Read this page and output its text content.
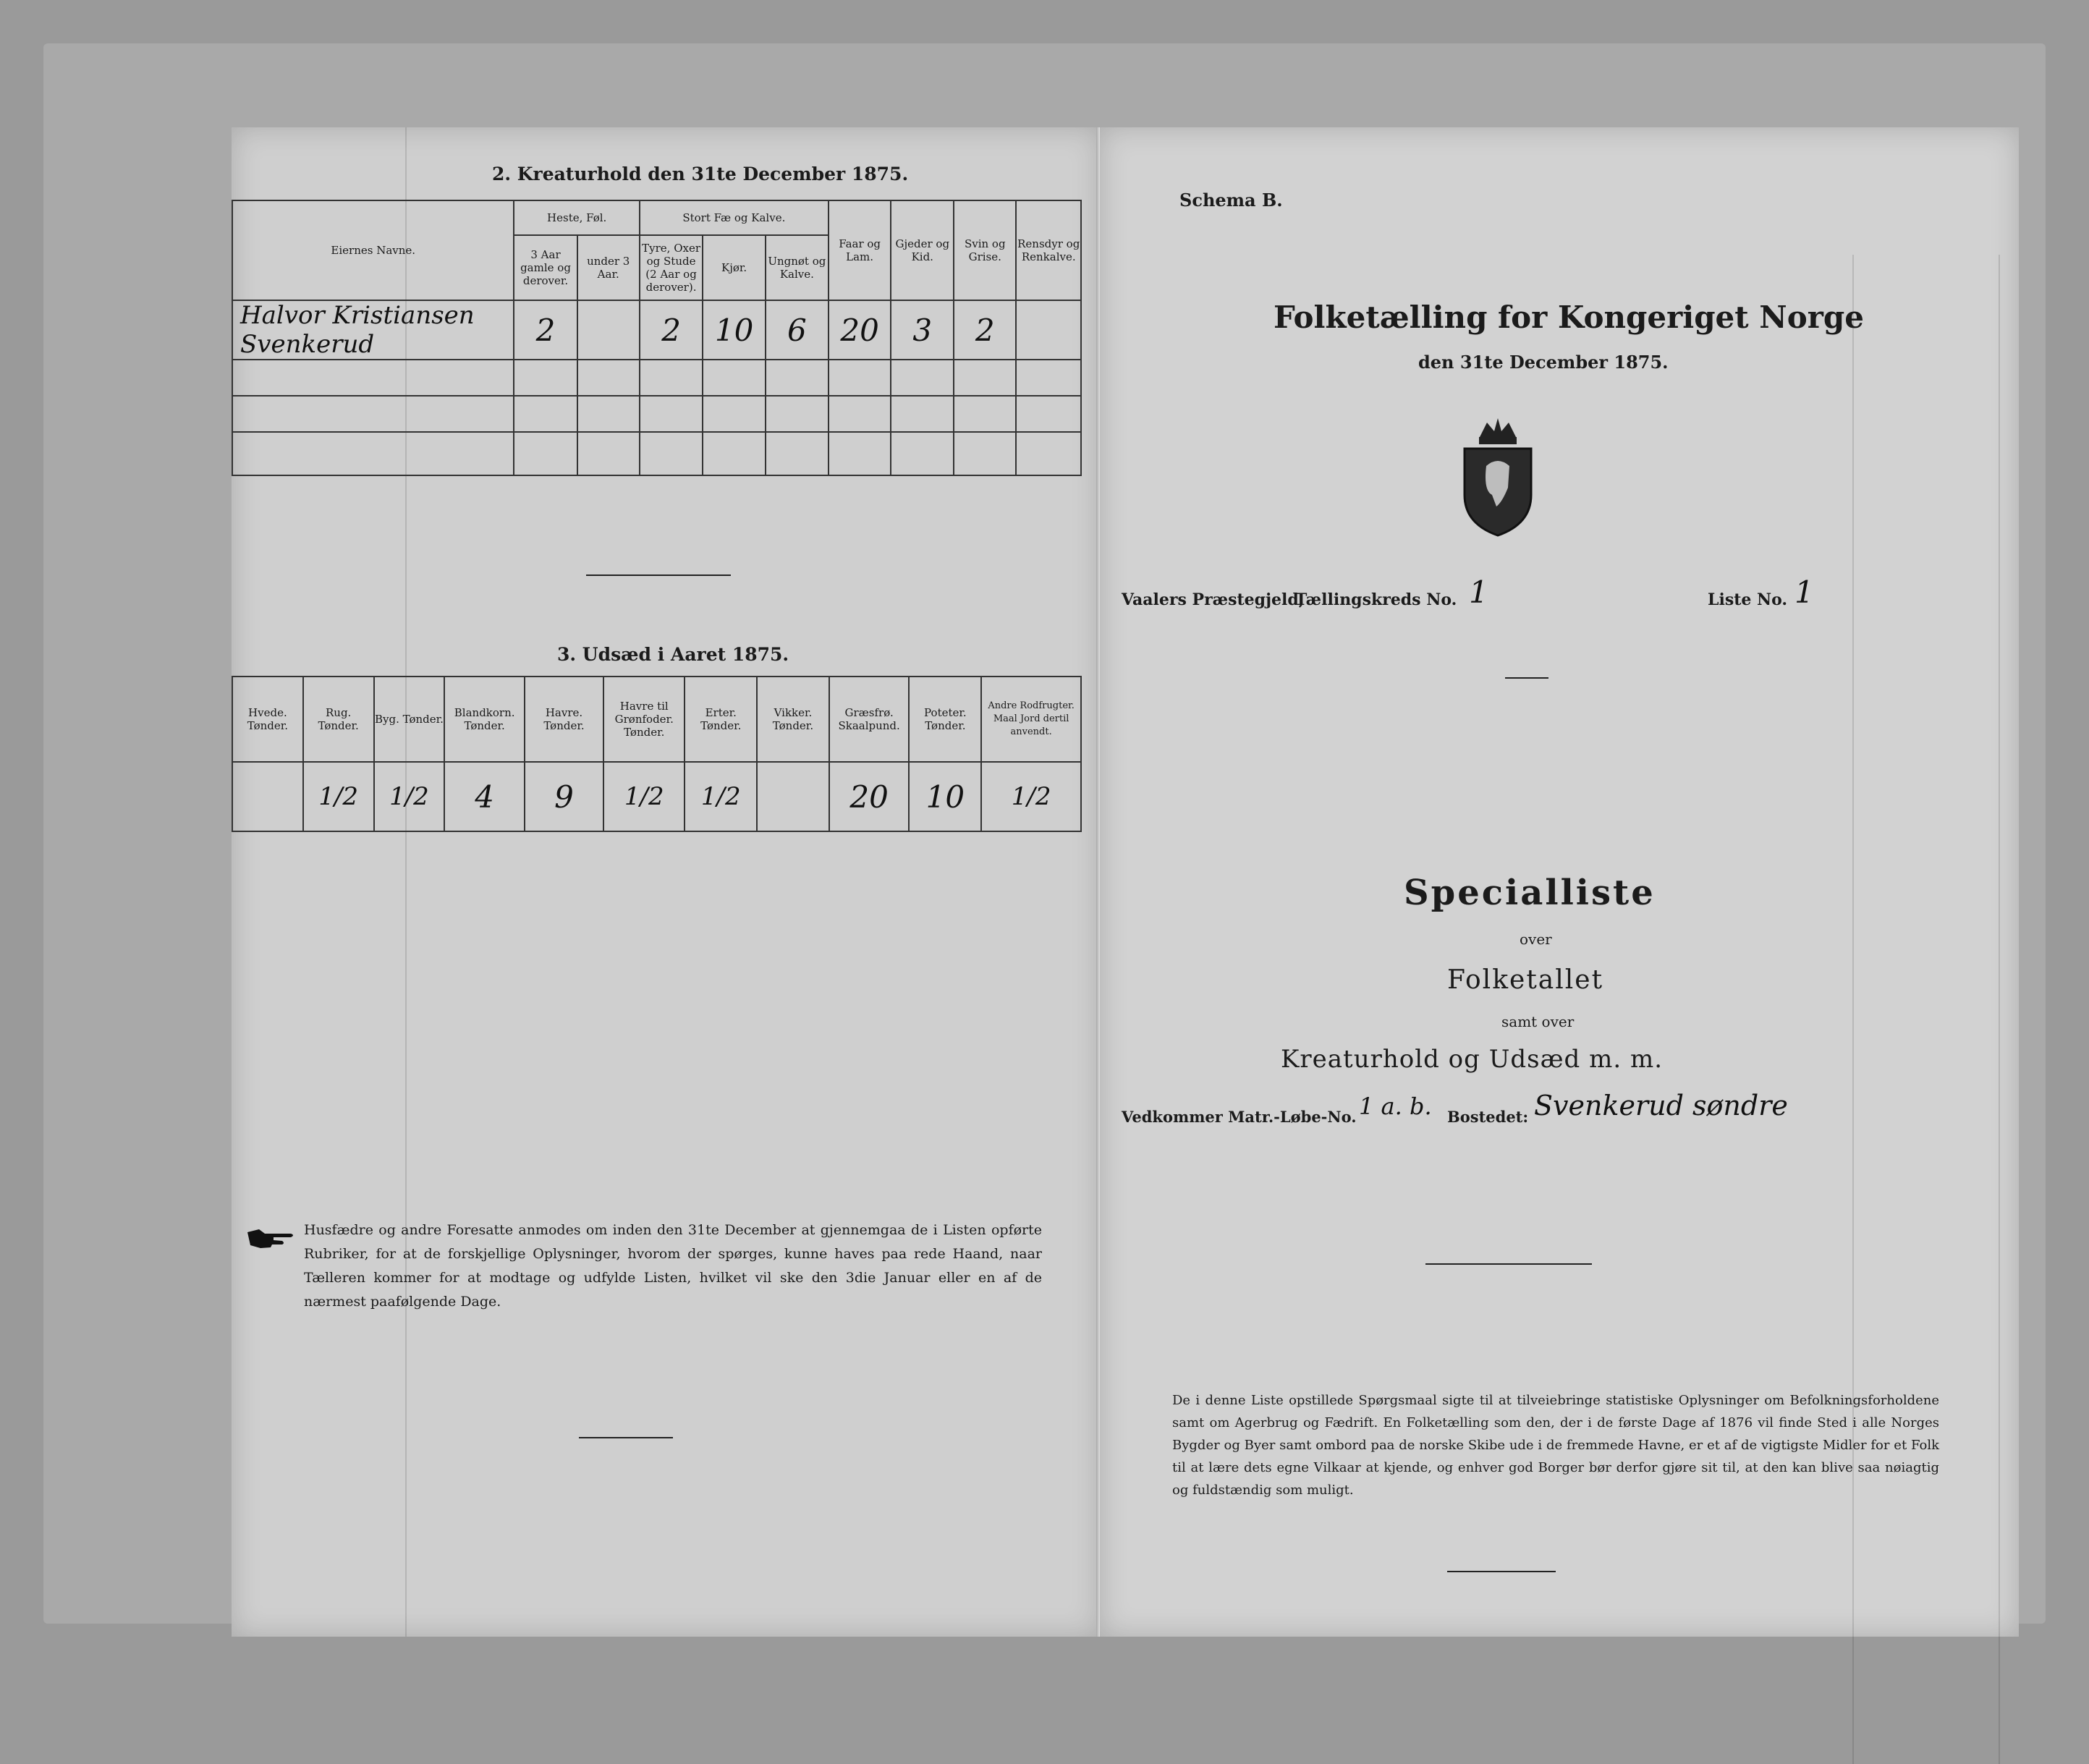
2. Kreaturhold den 31te December 1875.
Eiernes Navne.	Heste, Føl.		Stort Fæ og Kalve.			Faar og Lam.	Gjeder og Kid.	Svin og Grise.	Rensdyr og Renkalve.
	3 Aar gamle og derover.	under 3 Aar.	Tyre, Oxer og Stude (2 Aar og derover).	Kjør.	Ungnøt og Kalve.				
Halvor Kristiansen Svenkerud	2		2	10	6	20	3	2	

3. Udsæd i Aaret 1875.
Hvede. Tønder.	Rug. Tønder.	Byg. Tønder.	Blandkorn. Tønder.	Havre. Tønder.	Havre til Grønfoder. Tønder.	Erter. Tønder.	Vikker. Tønder.	Græsfrø. Skaalpund.	Poteter. Tønder.	Andre Rodfrugter. Maal Jord dertil anvendt.
	1/2	1/2	4	9	1/2	1/2		20	10	1/2
Husfædre og andre Foresatte anmodes om inden den 31te December at gjennemgaa de i Listen opførte Rubriker, for at de forskjellige Oplysninger, hvorom der spørges, kunne haves paa rede Haand, naar Tælleren kommer for at modtage og udfylde Listen, hvilket vil ske den 3die Januar eller en af de nærmest paafølgende Dage.
Schema B.
Folketælling for Kongeriget Norge
den 31te December 1875.
Vaalers Præstegjeld,
Tællingskreds No. 1	Liste No. 1
Specialliste
over
Folketallet
samt over
Kreaturhold og Udsæd m. m.
Vedkommer Matr.-Løbe-No. 1 a. b. Bostedet: Svenkerud søndre
De i denne Liste opstillede Spørgsmaal sigte til at tilveiebringe statistiske Oplysninger om Befolkningsforholdene samt om Agerbrug og Fædrift. En Folketælling som den, der i de første Dage af 1876 vil finde Sted i alle Norges Bygder og Byer samt ombord paa de norske Skibe ude i de fremmede Havne, er et af de vigtigste Midler for et Folk til at lære dets egne Vilkaar at kjende, og enhver god Borger bør derfor gjøre sit til, at den kan blive saa nøiagtig og fuldstændig som muligt.
